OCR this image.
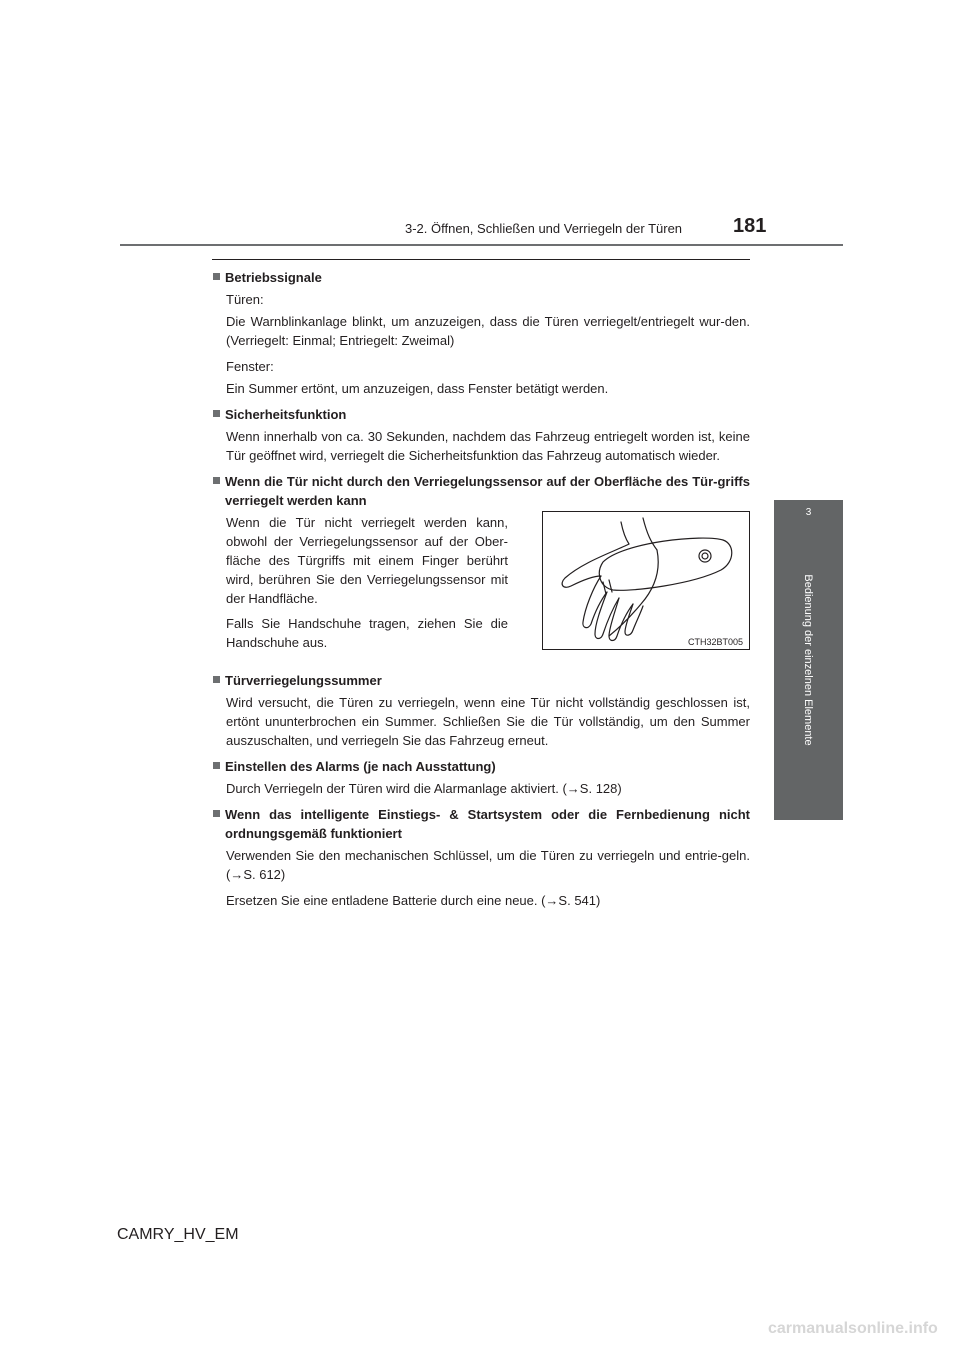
3-2. Öffnen, Schließen und Verriegeln der Türen	181
3
Bedienung der einzelnen Elemente
Betriebssignale
Türen:
Die Warnblinkanlage blinkt, um anzuzeigen, dass die Türen verriegelt/entriegelt wur-den. (Verriegelt: Einmal; Entriegelt: Zweimal)
Fenster:
Ein Summer ertönt, um anzuzeigen, dass Fenster betätigt werden.
Sicherheitsfunktion
Wenn innerhalb von ca. 30 Sekunden, nachdem das Fahrzeug entriegelt worden ist, keine Tür geöffnet wird, verriegelt die Sicherheitsfunktion das Fahrzeug automatisch wieder.
Wenn die Tür nicht durch den Verriegelungssensor auf der Oberfläche des Tür-griffs verriegelt werden kann
Wenn die Tür nicht verriegelt werden kann, obwohl der Verriegelungssensor auf der Ober-fläche des Türgriffs mit einem Finger berührt wird, berühren Sie den Verriegelungssensor mit der Handfläche.
Falls Sie Handschuhe tragen, ziehen Sie die Handschuhe aus.	CTH32BT005
Türverriegelungssummer
Wird versucht, die Türen zu verriegeln, wenn eine Tür nicht vollständig geschlossen ist, ertönt ununterbrochen ein Summer. Schließen Sie die Tür vollständig, um den Summer auszuschalten, und verriegeln Sie das Fahrzeug erneut.
Einstellen des Alarms (je nach Ausstattung)
Durch Verriegeln der Türen wird die Alarmanlage aktiviert. (→S. 128)
Wenn das intelligente Einstiegs- & Startsystem oder die Fernbedienung nicht ordnungsgemäß funktioniert
Verwenden Sie den mechanischen Schlüssel, um die Türen zu verriegeln und entrie-geln. (→S. 612)
Ersetzen Sie eine entladene Batterie durch eine neue. (→S. 541)
CAMRY_HV_EM
carmanualsonline.info
